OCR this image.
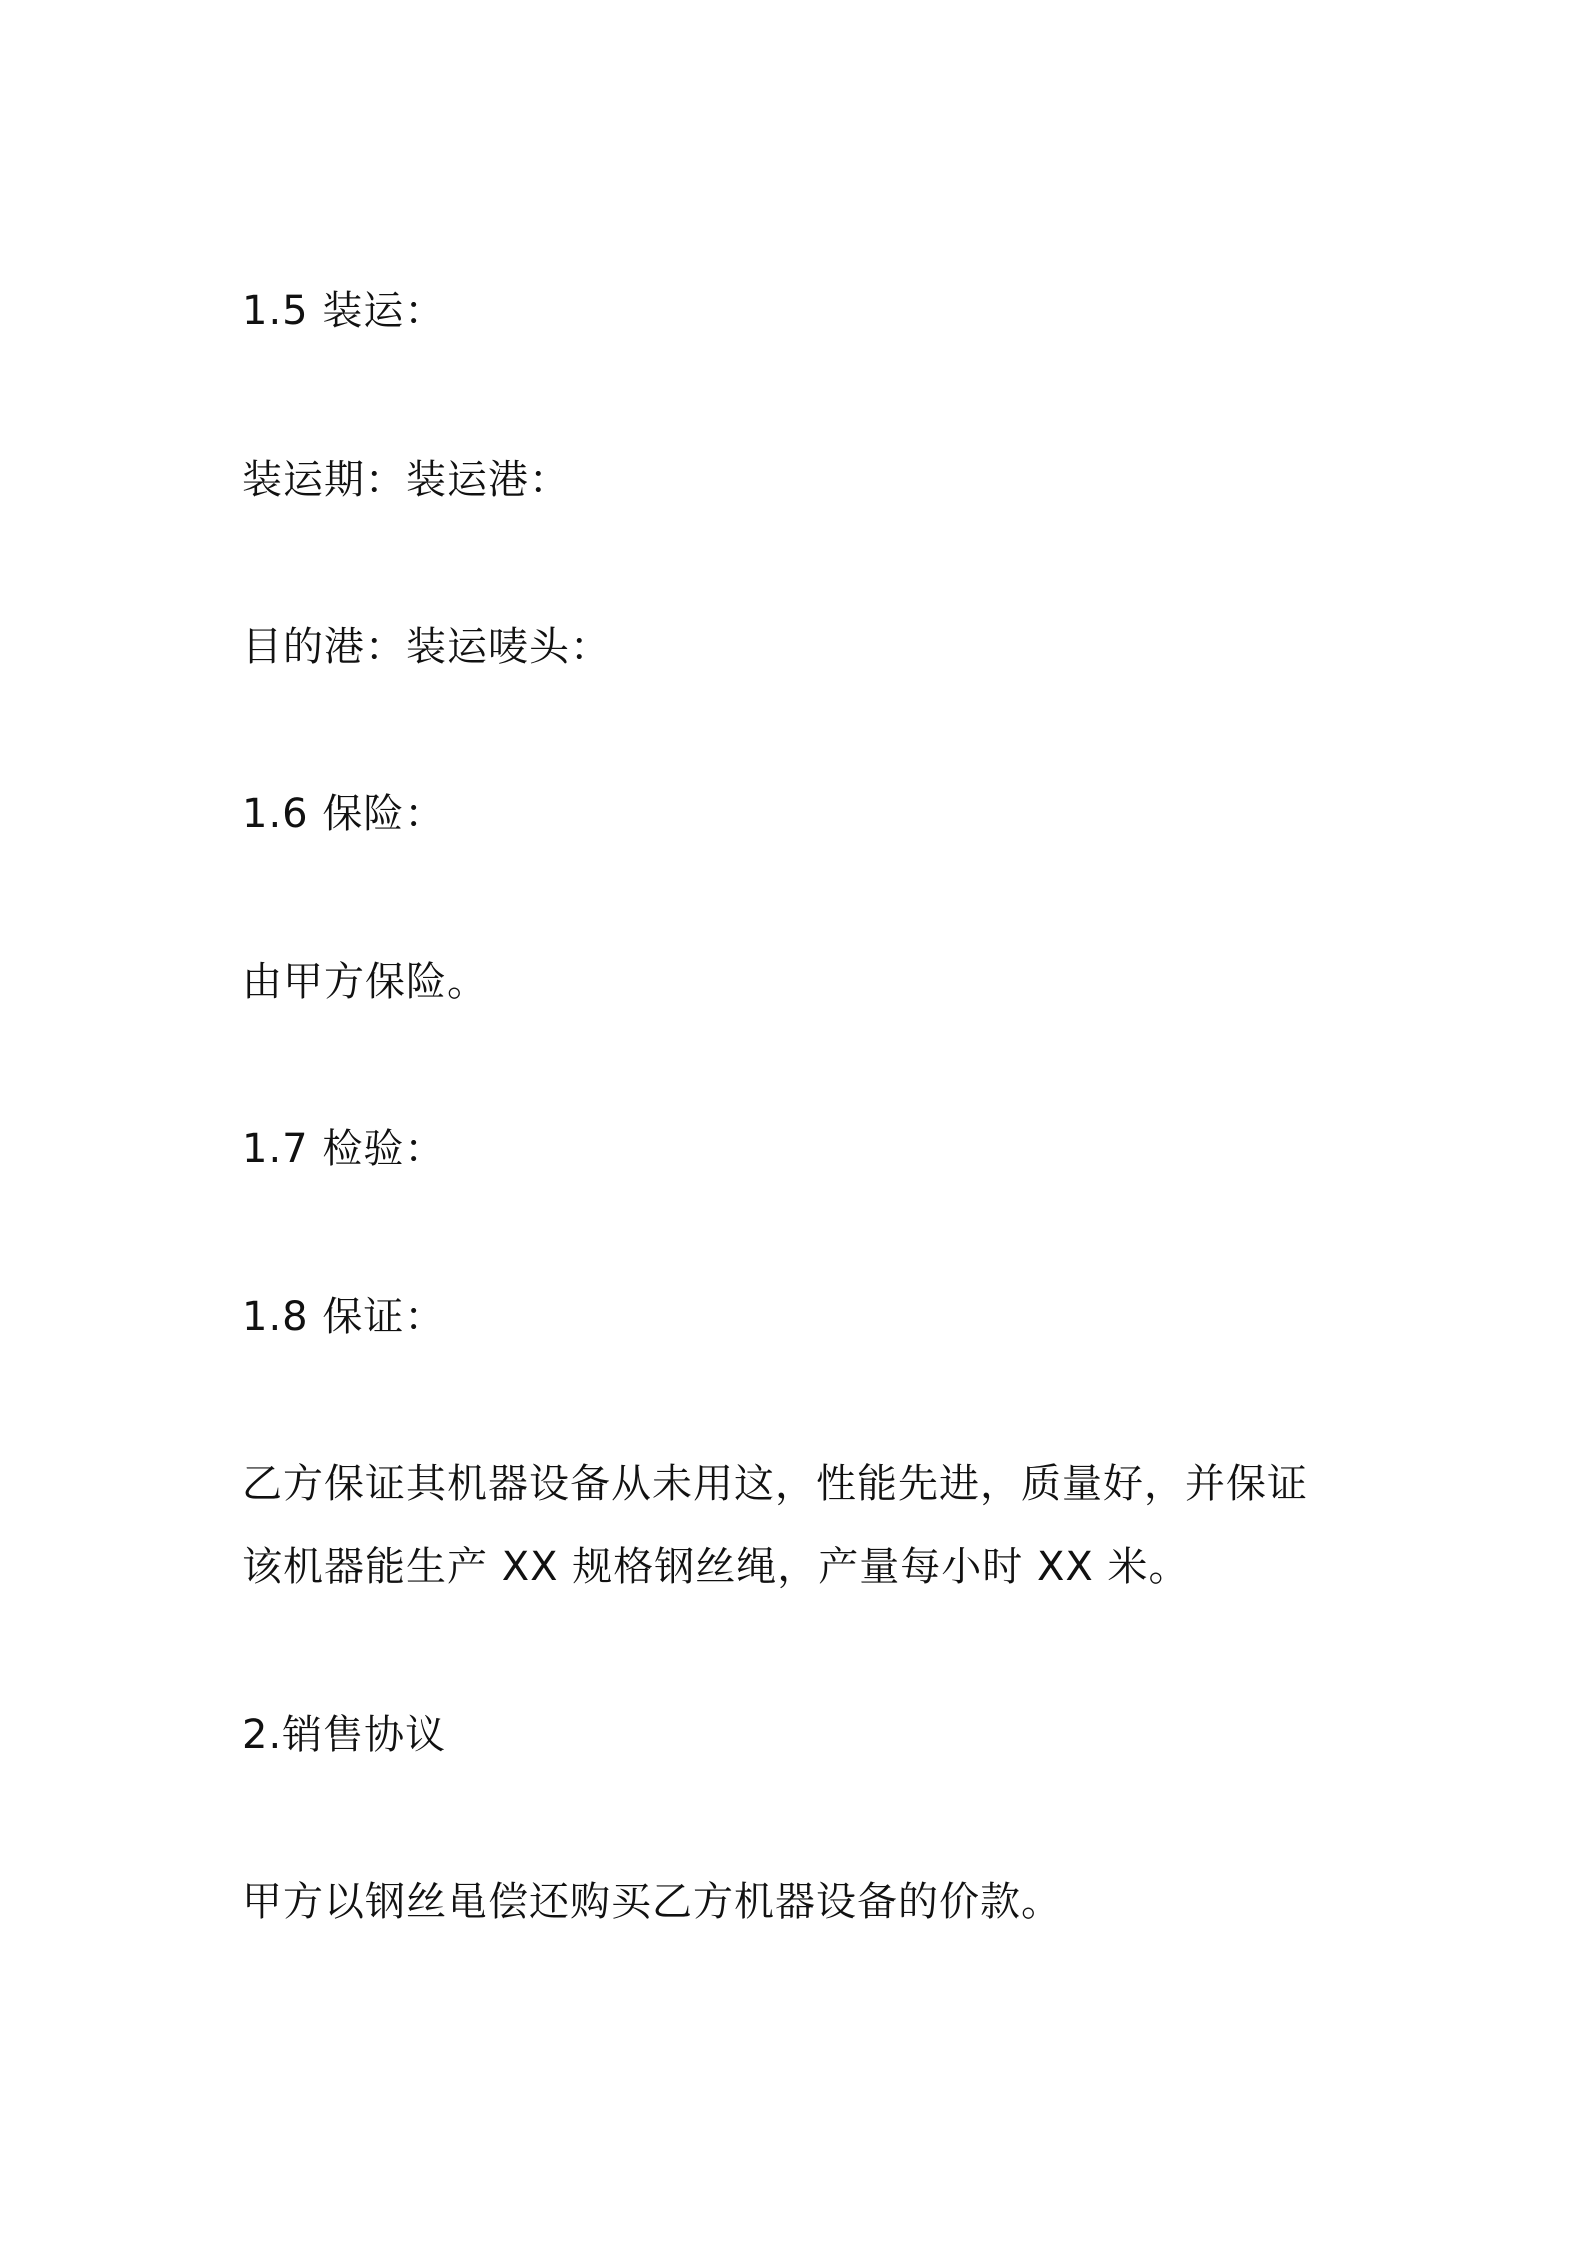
1.5 装运：

装运期：装运港：

目的港：装运唛头：

1.6 保险：

由甲方保险。

1.7 检验：

1.8 保证：

乙方保证其机器设备从未用这，性能先进，质量好，并保证

该机器能生产 XX 规格钢丝绳，产量每小时 XX 米。

2.销售协议

甲方以钢丝黾偿还购买乙方机器设备的价款。
